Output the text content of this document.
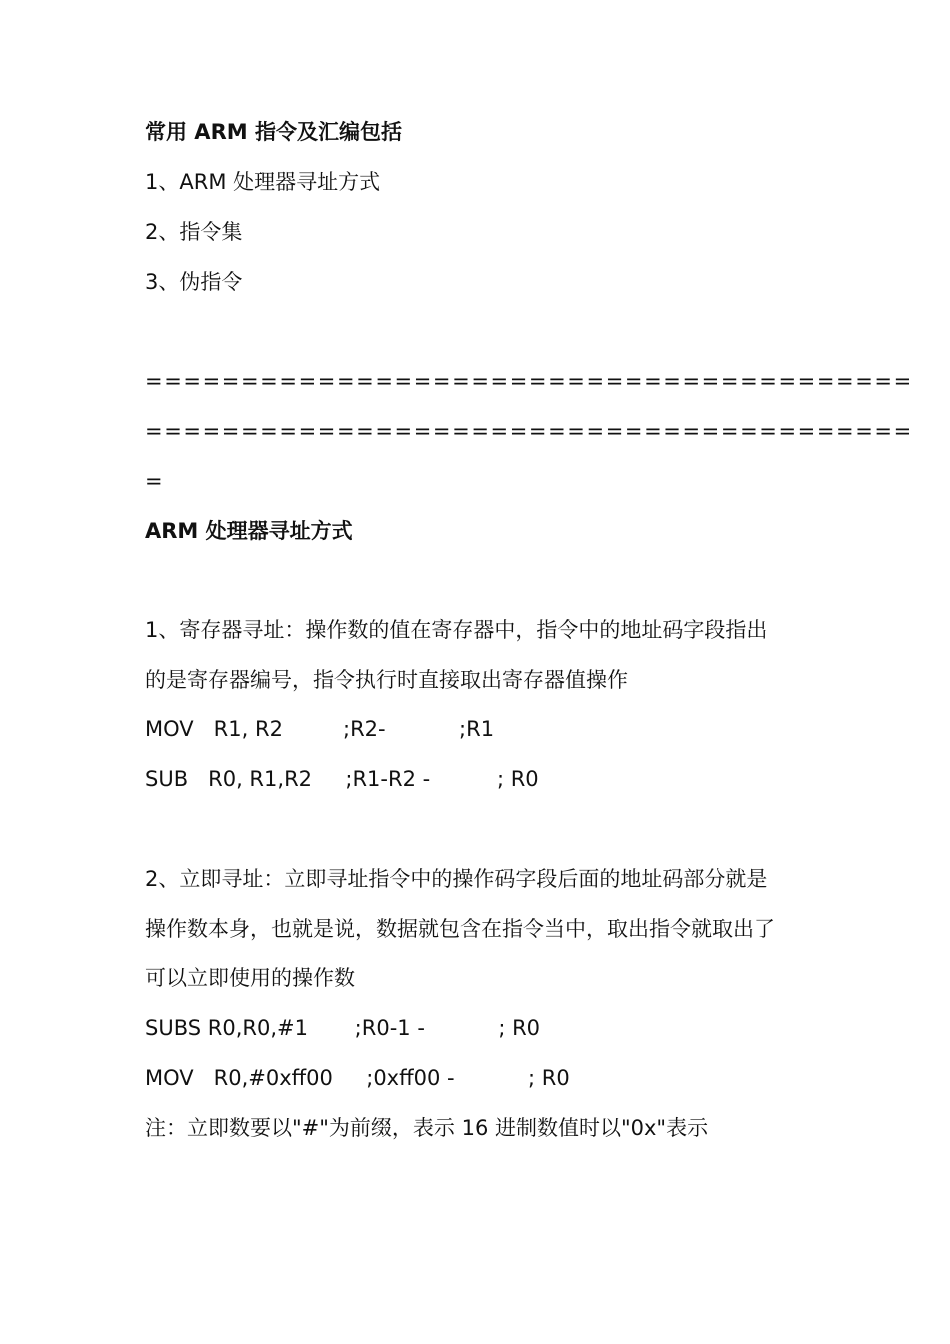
常用 ARM 指令及汇编包括
1、ARM 处理器寻址方式
2、指令集
3、伪指令
========================================
========================================
=
ARM 处理器寻址方式
1、寄存器寻址：操作数的值在寄存器中，指令中的地址码字段指出
的是寄存器编号，指令执行时直接取出寄存器值操作
MOV   R1, R2         ;R2-           ;R1
SUB   R0, R1,R2     ;R1-R2 -          ; R0
2、立即寻址：立即寻址指令中的操作码字段后面的地址码部分就是
操作数本身，也就是说，数据就包含在指令当中，取出指令就取出了
可以立即使用的操作数
SUBS R0,R0,#1       ;R0-1 -           ; R0
MOV   R0,#0xff00     ;0xff00 -           ; R0
注：立即数要以"#"为前缀，表示 16 进制数值时以"0x"表示
